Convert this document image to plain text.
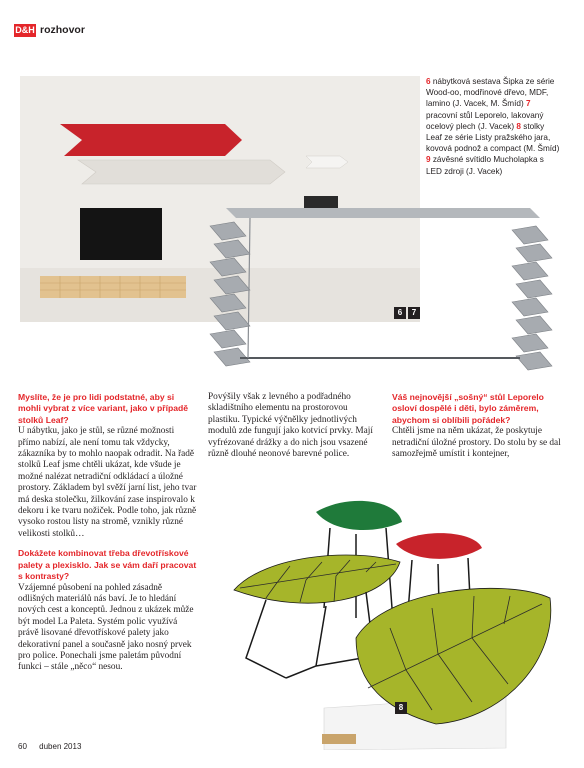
D&H rozhovor
6	7
6 nábytková sestava Šipka ze série Wood-oo, modřinové dřevo, MDF, lamino (J. Vacek, M. Šmíd) 7 pracovní stůl Leporelo, lakovaný ocelový plech (J. Vacek) 8 stolky Leaf ze série Listy pražského jara, kovová podnož a compact (M. Šmíd) 9 závěsné svítidlo Mucholapka s LED zdroji (J. Vacek)
Myslíte, že je pro lidi podstatné, aby si mohli vybrat z více variant, jako v případě stolků Leaf?

U nábytku, jako je stůl, se různé možnosti přímo nabízí, ale není tomu tak vždycky, zákazníka by to mohlo naopak odradit. Na řadě stolků Leaf jsme chtěli ukázat, kde všude je možné nalézat netradiční odkládací a úložné prostory. Základem byl svěží jarní list, jeho tvar má deska stolečku, žilkování zase inspirovalo k dekoru i ke tvaru nožiček. Podle toho, jak různě vysoko rostou listy na stromě, vznikly různé velikosti stolků…

Dokážete kombinovat třeba dřevotřískové palety a plexisklo. Jak se vám daří pracovat s kontrasty?

Vzájemné působení na pohled zásadně odlišných materiálů nás baví. Je to hledání nových cest a konceptů. Jednou z ukázek může být model La Paleta. Systém polic využívá právě lisované dřevotřískové palety jako dekorativní panel a současně jako nosný prvek pro police. Ponechali jsme paletám původní funkci – stále „něco“ nesou.

Povýšily však z levného a podřadného skladištního elementu na prostorovou plastiku. Typické výčnělky jednotlivých modulů zde fungují jako kotvicí prvky. Mají vyfrézované drážky a do nich jsou vsazené různě dlouhé neonové barevné police.

Váš nejnovější „sošný“ stůl Leporelo osloví dospělé i děti, bylo záměrem, abychom si oblíbili pořádek?

Chtěli jsme na něm ukázat, že poskytuje netradiční úložné prostory. Do stolu by se dal samozřejmě umístit i kontejner,

8
60 duben 2013
